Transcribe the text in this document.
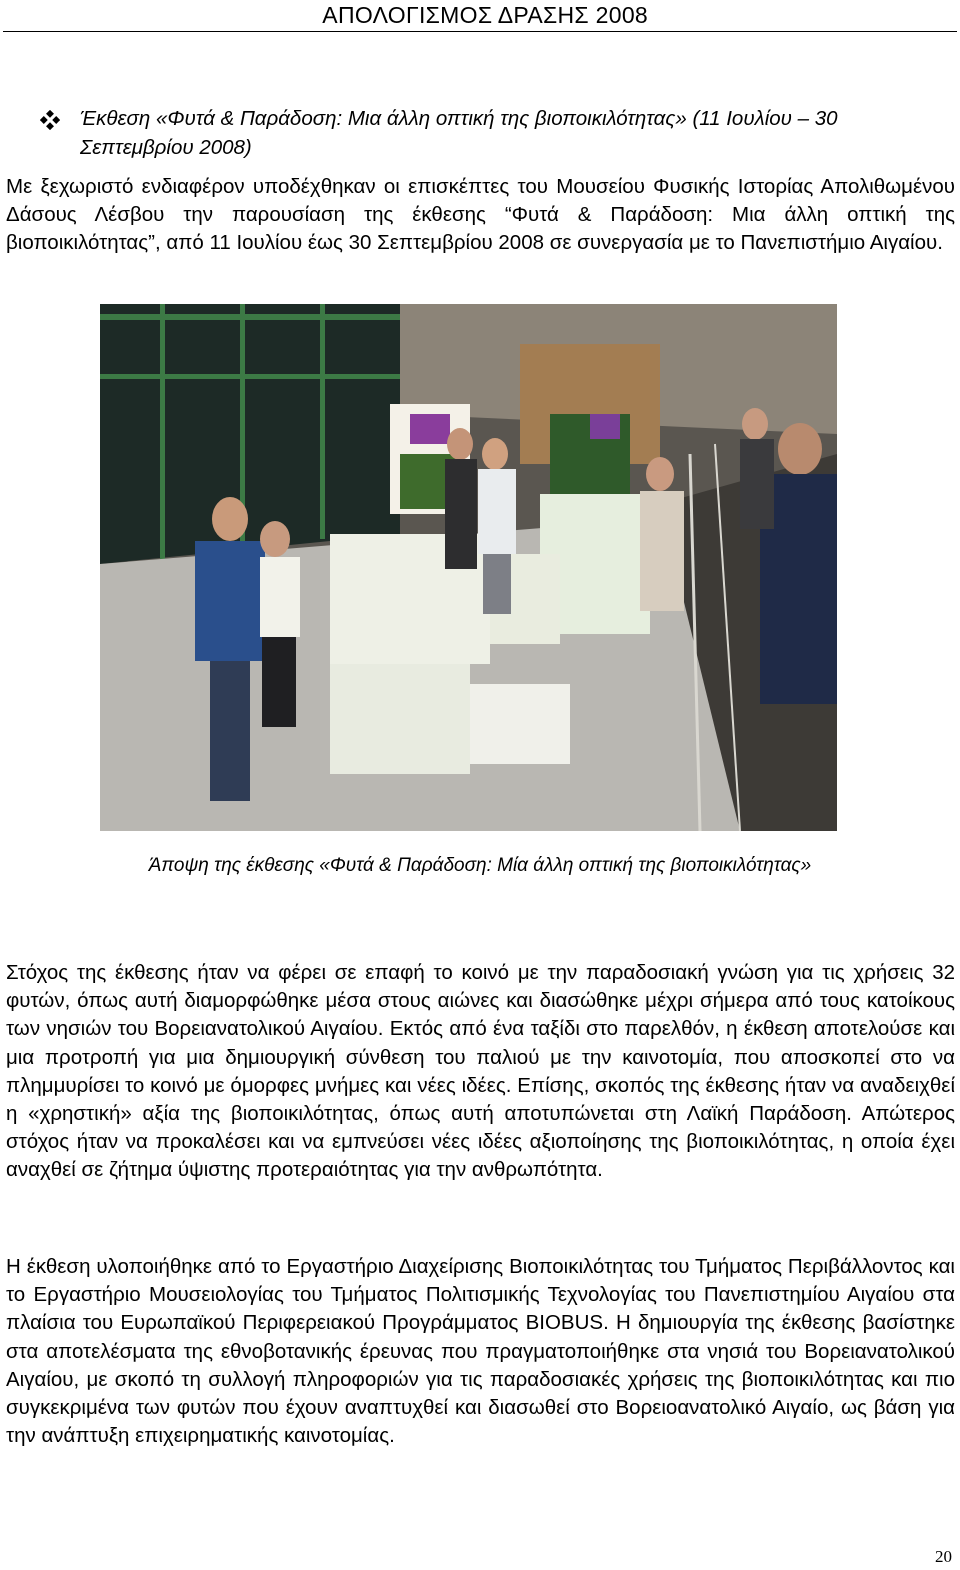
ΑΠΟΛΟΓΙΣΜΟΣ ΔΡΑΣΗΣ 2008
Έκθεση «Φυτά & Παράδοση: Μια άλλη οπτική της βιοποικιλότητας» (11 Ιουλίου – 30 Σεπτεμβρίου 2008)

Με ξεχωριστό ενδιαφέρον υποδέχθηκαν οι επισκέπτες του Μουσείου Φυσικής Ιστορίας Απολιθωμένου Δάσους Λέσβου την παρουσίαση της έκθεσης “Φυτά & Παράδοση: Μια άλλη οπτική της βιοποικιλότητας”, από 11 Ιουλίου έως 30 Σεπτεμβρίου 2008 σε συνεργασία με το Πανεπιστήμιο Αιγαίου.

Άποψη της έκθεσης «Φυτά & Παράδοση: Μία άλλη οπτική της βιοποικιλότητας»

Στόχος της έκθεσης ήταν να φέρει σε επαφή το κοινό με την παραδοσιακή γνώση για τις χρήσεις 32 φυτών, όπως αυτή διαμορφώθηκε μέσα στους αιώνες και διασώθηκε μέχρι σήμερα από τους κατοίκους των νησιών του Βορειανατολικού Αιγαίου. Εκτός από ένα ταξίδι στο παρελθόν, η έκθεση αποτελούσε και μια προτροπή για μια δημιουργική σύνθεση του παλιού με την καινοτομία, που αποσκοπεί στο να πλημμυρίσει το κοινό με όμορφες μνήμες και νέες ιδέες. Επίσης, σκοπός της έκθεσης ήταν να αναδειχθεί η «χρηστική» αξία της βιοποικιλότητας, όπως αυτή αποτυπώνεται στη Λαϊκή Παράδοση. Απώτερος στόχος ήταν να προκαλέσει και να εμπνεύσει νέες ιδέες αξιοποίησης της βιοποικιλότητας, η οποία έχει αναχθεί σε ζήτημα ύψιστης προτεραιότητας για την ανθρωπότητα.

Η έκθεση υλοποιήθηκε από το Εργαστήριο Διαχείρισης Βιοποικιλότητας του Τμήματος Περιβάλλοντος και το Εργαστήριο Μουσειολογίας του Τμήματος Πολιτισμικής Τεχνολογίας του Πανεπιστημίου Αιγαίου στα πλαίσια του Ευρωπαϊκού Περιφερειακού Προγράμματος BIOBUS. Η δημιουργία της έκθεσης βασίστηκε στα αποτελέσματα της εθνοβοτανικής έρευνας που πραγματοποιήθηκε στα νησιά του Βορειανατολικού Αιγαίου, με σκοπό τη συλλογή πληροφοριών για τις παραδοσιακές χρήσεις της βιοποικιλότητας και πιο συγκεκριμένα των φυτών που έχουν αναπτυχθεί και διασωθεί στο Βορειοανατολικό Αιγαίο, ως βάση για την ανάπτυξη επιχειρηματικής καινοτομίας.

20
